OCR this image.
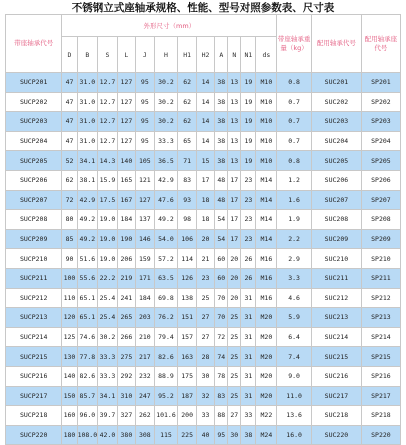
不锈钢立式座轴承规格、性能、型号对照参数表、尺寸表
带座轴承代号	外形尺寸（mm）												带座轴承重量（kg）	配用轴承代号	配用轴承座代号
	D	B	S	L	J	H	H1	H2	A	N	N1	ds			
SUCP201	47	31.0	12.7	127	95	30.2	62	14	38	13	19	M10	0.8	SUC201	SP201
SUCP202	47	31.0	12.7	127	95	30.2	62	14	38	13	19	M10	0.7	SUC202	SP202
SUCP203	47	31.0	12.7	127	95	30.2	62	14	38	13	19	M10	0.7	SUC203	SP203
SUCP204	47	31.0	12.7	127	95	33.3	65	14	38	13	19	M10	0.7	SUC204	SP204
SUCP205	52	34.1	14.3	140	105	36.5	71	15	38	13	19	M10	0.8	SUC205	SP205
SUCP206	62	38.1	15.9	165	121	42.9	83	17	48	17	23	M14	1.2	SUC206	SP206
SUCP207	72	42.9	17.5	167	127	47.6	93	18	48	17	23	M14	1.6	SUC207	SP207
SUCP208	80	49.2	19.0	184	137	49.2	98	18	54	17	23	M14	1.9	SUC208	SP208
SUCP209	85	49.2	19.0	190	146	54.0	106	20	54	17	23	M14	2.2	SUC209	SP209
SUCP210	90	51.6	19.0	206	159	57.2	114	21	60	20	26	M16	2.9	SUC210	SP210
SUCP211	100	55.6	22.2	219	171	63.5	126	23	60	20	26	M16	3.3	SUC211	SP211
SUCP212	110	65.1	25.4	241	184	69.8	138	25	70	20	31	M16	4.6	SUC212	SP212
SUCP213	120	65.1	25.4	265	203	76.2	151	27	70	25	31	M20	5.9	SUC213	SP213
SUCP214	125	74.6	30.2	266	210	79.4	157	27	72	25	31	M20	6.4	SUC214	SP214
SUCP215	130	77.8	33.3	275	217	82.6	163	28	74	25	31	M20	7.4	SUC215	SP215
SUCP216	140	82.6	33.3	292	232	88.9	175	30	78	25	31	M20	9.0	SUC216	SP216
SUCP217	150	85.7	34.1	310	247	95.2	187	32	83	25	31	M20	11.0	SUC217	SP217
SUCP218	160	96.0	39.7	327	262	101.6	200	33	88	27	33	M22	13.6	SUC218	SP218
SUCP220	180	108.0	42.0	380	308	115	225	40	95	30	38	M24	16.0	SUC220	SP220
